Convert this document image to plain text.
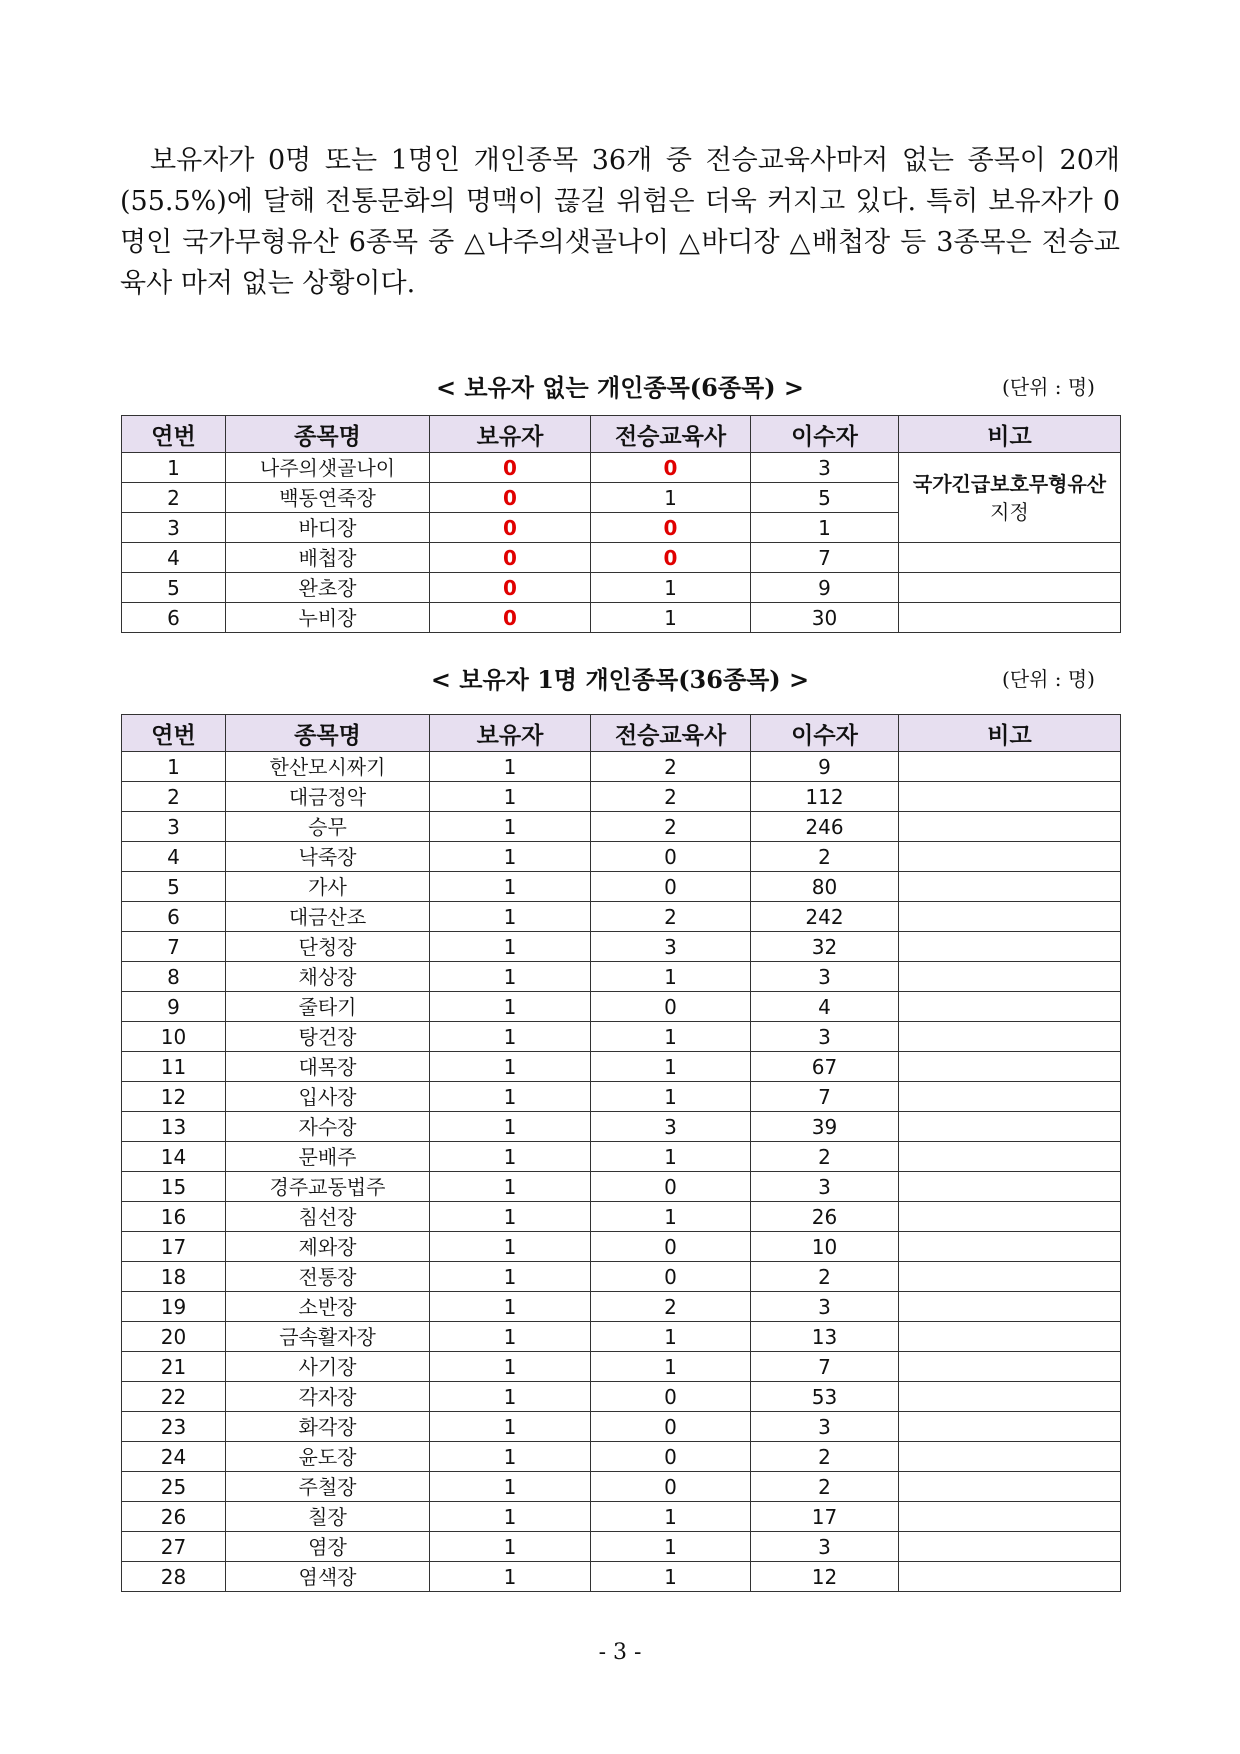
보유자가 0명 또는 1명인 개인종목 36개 중 전승교육사마저 없는 종목이 20개(55.5%)에 달해 전통문화의 명맥이 끊길 위험은 더욱 커지고 있다. 특히 보유자가 0명인 국가무형유산 6종목 중 △나주의샛골나이 △바디장 △배첩장 등 3종목은 전승교육사 마저 없는 상황이다.
< 보유자 없는 개인종목(6종목) >	(단위 : 명)
연번	종목명	보유자	전승교육사	이수자	비고
1	나주의샛골나이	0	0	3	국가긴급보호무형유산
지정

2	백동연죽장	0	1	5	
3	바디장	0	0	1	
4	배첩장	0	0	7	
5	완초장	0	1	9	
6	누비장	0	1	30	
< 보유자 1명 개인종목(36종목) >	(단위 : 명)
연번	종목명	보유자	전승교육사	이수자	비고
1	한산모시짜기	1	2	9	
2	대금정악	1	2	112	
3	승무	1	2	246	
4	낙죽장	1	0	2	
5	가사	1	0	80	
6	대금산조	1	2	242	
7	단청장	1	3	32	
8	채상장	1	1	3	
9	줄타기	1	0	4	
10	탕건장	1	1	3	
11	대목장	1	1	67	
12	입사장	1	1	7	
13	자수장	1	3	39	
14	문배주	1	1	2	
15	경주교동법주	1	0	3	
16	침선장	1	1	26	
17	제와장	1	0	10	
18	전통장	1	0	2	
19	소반장	1	2	3	
20	금속활자장	1	1	13	
21	사기장	1	1	7	
22	각자장	1	0	53	
23	화각장	1	0	3	
24	윤도장	1	0	2	
25	주철장	1	0	2	
26	칠장	1	1	17	
27	염장	1	1	3	
28	염색장	1	1	12	
- 3 -
